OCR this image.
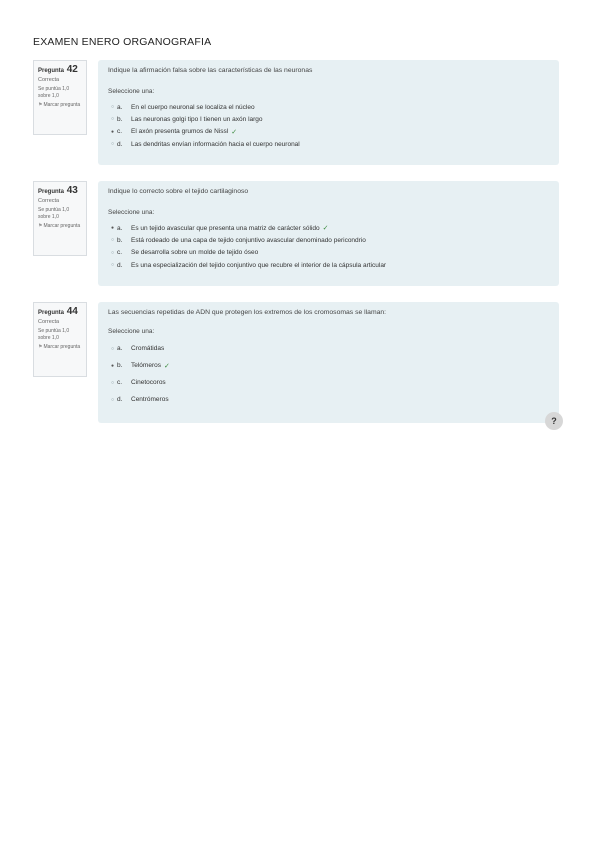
EXAMEN ENERO ORGANOGRAFIA
Pregunta 42
Correcta
Se puntúa 1,0 sobre 1,0
⚑ Marcar pregunta
Indique la afirmación falsa sobre las características de las neuronas
Seleccione una:
○ a.	En el cuerpo neuronal se localiza el núcleo
○ b.	Las neuronas golgi tipo I tienen un axón largo
● c.	El axón presenta grumos de Nissl ✓
○ d.	Las dendritas envían información hacia el cuerpo neuronal
Pregunta 43
Correcta
Se puntúa 1,0 sobre 1,0
⚑ Marcar pregunta
Indique lo correcto sobre el tejido cartilaginoso
Seleccione una:
● a.	Es un tejido avascular que presenta una matriz de carácter sólido ✓
○ b.	Está rodeado de una capa de tejido conjuntivo avascular denominado pericondrio
○ c.	Se desarrolla sobre un molde de tejido óseo
○ d.	Es una especialización del tejido conjuntivo que recubre el interior de la cápsula articular
Pregunta 44
Correcta
Se puntúa 1,0 sobre 1,0
⚑ Marcar pregunta
Las secuencias repetidas de ADN que protegen los extremos de los cromosomas se llaman:
Seleccione una:
○ a.	Cromátidas
● b.	Telómeros ✓
○ c.	Cinetocoros
○ d.	Centrómeros
?
